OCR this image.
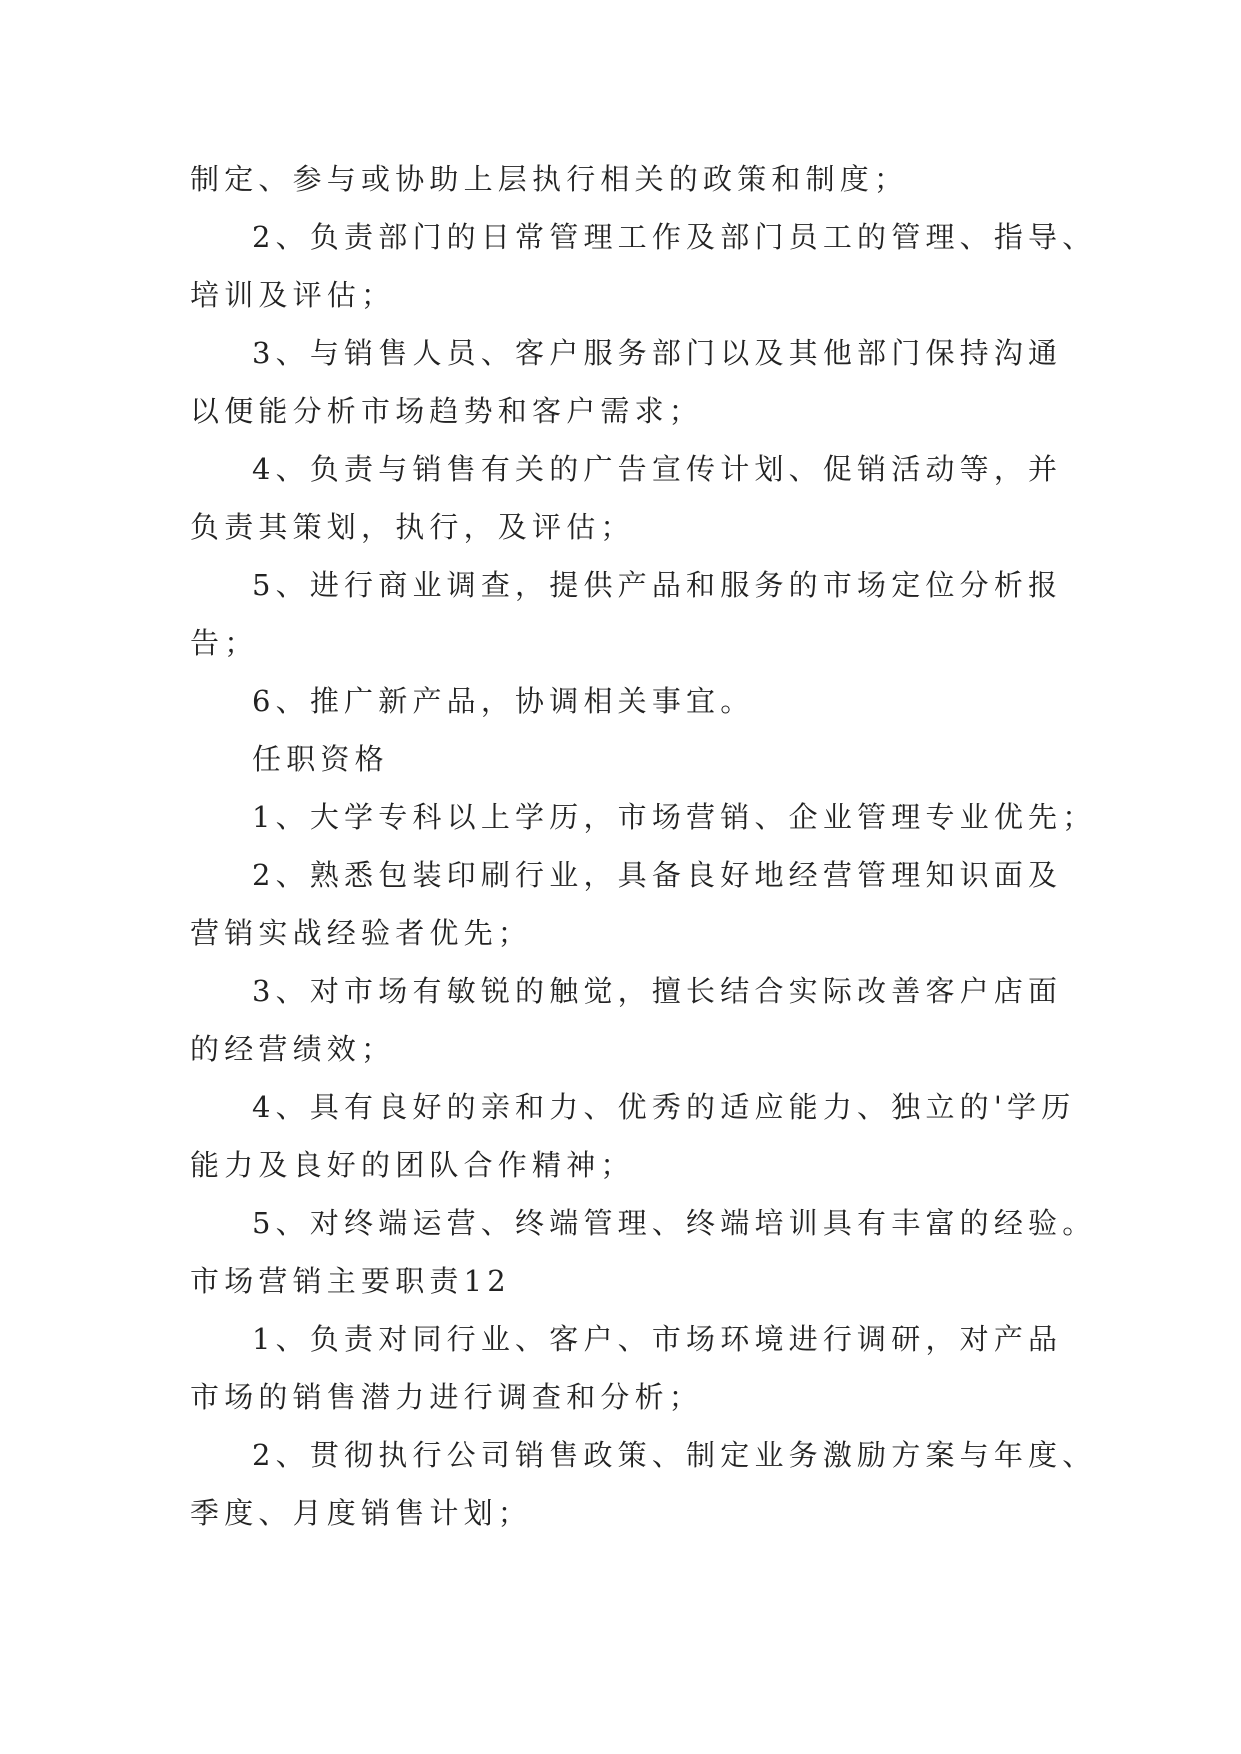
制定、参与或协助上层执行相关的政策和制度；
2、负责部门的日常管理工作及部门员工的管理、指导、
培训及评估；
3、与销售人员、客户服务部门以及其他部门保持沟通
以便能分析市场趋势和客户需求；
4、负责与销售有关的广告宣传计划、促销活动等，并
负责其策划，执行，及评估；
5、进行商业调查，提供产品和服务的市场定位分析报
告；
6、推广新产品，协调相关事宜。
任职资格
1、大学专科以上学历，市场营销、企业管理专业优先；
2、熟悉包装印刷行业，具备良好地经营管理知识面及
营销实战经验者优先；
3、对市场有敏锐的触觉，擅长结合实际改善客户店面
的经营绩效；
4、具有良好的亲和力、优秀的适应能力、独立的'学历
能力及良好的团队合作精神；
5、对终端运营、终端管理、终端培训具有丰富的经验。
市场营销主要职责12
1、负责对同行业、客户、市场环境进行调研，对产品
市场的销售潜力进行调查和分析；
2、贯彻执行公司销售政策、制定业务激励方案与年度、
季度、月度销售计划；
